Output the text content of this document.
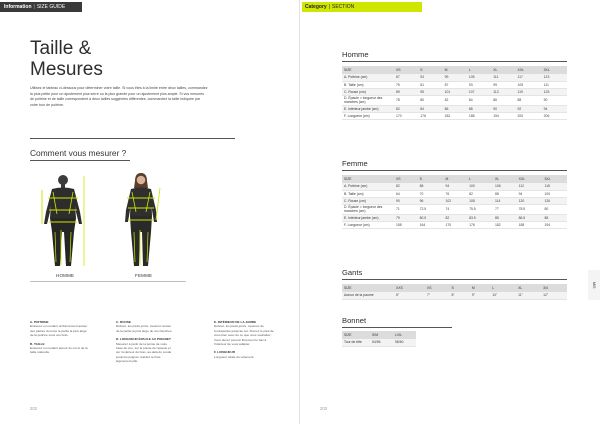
Information | SIZE GUIDE	Category | SECTION
Taille &
Mesures

Utilisez le tableau ci-dessous pour déterminer votre taille. Si vous êtes à la limite entre deux tailles, commandez la plus petite pour un ajustement plus serré ou la plus grande pour un ajustement plus ample. Si vos mesures de poitrine et de taille correspondent à deux tailles suggérées différentes, commandez la taille indiquée par votre tour de poitrine.

Comment vous mesurer ?
HOMME	FEMME
A. POITRINE
Entourez en mettant uniformément autour des parties du torse la partie la plus large de la poitrine sous vos bras.
B. TAILLE
Entourez en mettant autour du col et de la taille naturelle.
C. ROUSE
Debout, les pieds joints, mesurez autour de la partie la plus large de vos hanches.
D. LONGUEUR ÉPAULE AU POIGNET
Mesurez à partir de la pointe de votre base du cou, sur la pointe de l'épaule et sur l'extérieur du bras, au-delà du coude jusqu'au poignet. Gardez le bras légèrement plié.
E. INTÉRIEUR DE LA JAMBE
Debout, les pieds joints, mesurez de l'entrejambe jusqu'au sol. Prenez le pied de vous bien avec de ce que vous souhaitez. Vous devez pouvoir librement le bas à l'intérieur de vous adapter.
F. LONGUEUR
Longueur totale du vêtement.
202	203
MIS
Homme
SIZE	XS	S	M	L	XL	XXL	3XL
A. Poitrine (cm)	87	93	99	105	111	117	123
B. Taille (cm)	75	81	87	93	99	105	111
C. Rouse (cm)	89	95	101	107	113	119	125
D. Épaule > longueur des manches (cm)	78	80	82	84	86	88	90
E. Intérieur jambe (cm)	82	84	86	88	90	92	94
F. Longueur (cm)	170	176	182	188	194	200	206
Femme
SIZE	XS	S	M	L	XL	XXL	3XL
A. Poitrine (cm)	82	88	94	100	106	112	118
B. Taille (cm)	64	70	76	82	88	94	100
C. Rouse (cm)	90	96	102	108	114	120	126
D. Épaule > longueur des manches (cm)	71	72.5	74	75.5	77	78.5	80
E. Intérieur jambe (cm)	79	80.5	82	83.5	85	86.5	88
F. Longueur (cm)	158	164	170	176	182	188	194
Gants
SIZE	XXS	XS	S	M	L	XL	3/4
Autour de la paume	6"	7"	8"	9"	10"	11"	12"
Bonnet
SIZE	S/M	L/XL
Tour de tête	54/56	58/60
